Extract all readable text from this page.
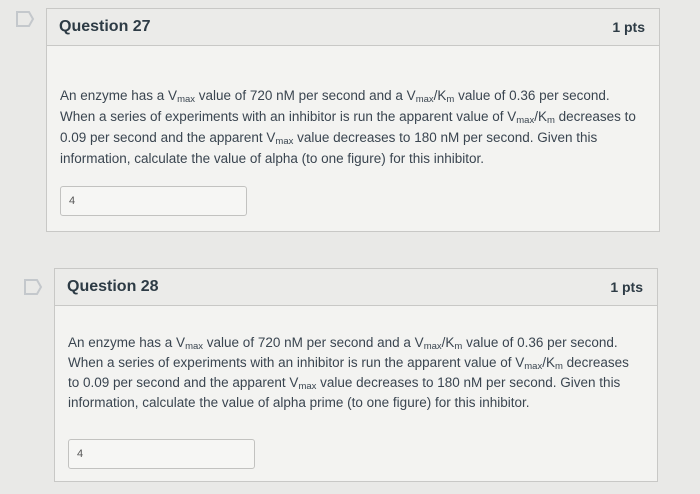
Question 27	1 pts
An enzyme has a $V_{max}$ value of 720 nM per second and a $V_{max}/K_m$ value of 0.36 per second. When a series of experiments with an inhibitor is run the apparent value of $V_{max}/K_m$ decreases to 0.09 per second and the apparent $V_{max}$ value decreases to 180 nM per second. Given this information, calculate the value of alpha (to one figure) for this inhibitor.
4
Question 28	1 pts
An enzyme has a $V_{max}$ value of 720 nM per second and a $V_{max}/K_m$ value of 0.36 per second. When a series of experiments with an inhibitor is run the apparent value of $V_{max}/K_m$ decreases to 0.09 per second and the apparent $V_{max}$ value decreases to 180 nM per second. Given this information, calculate the value of alpha prime (to one figure) for this inhibitor.
4
